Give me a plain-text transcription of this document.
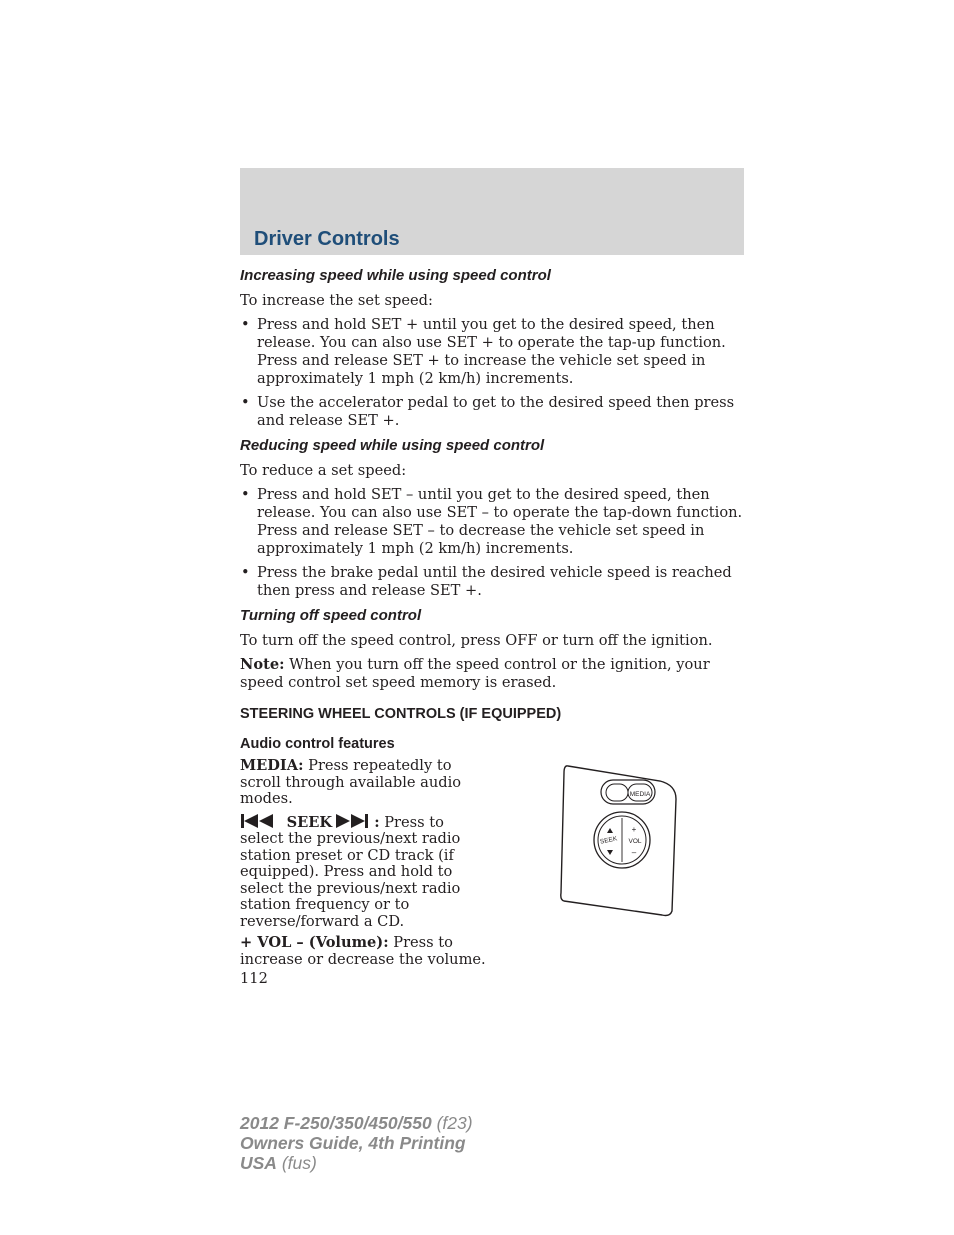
Driver Controls
Increasing speed while using speed control

To increase the set speed:

• Press and hold SET + until you get to the desired speed, then release. You can also use SET + to operate the tap-up function. Press and release SET + to increase the vehicle set speed in approximately 1 mph (2 km/h) increments.
• Use the accelerator pedal to get to the desired speed then press and release SET +.
Reducing speed while using speed control

To reduce a set speed:

• Press and hold SET – until you get to the desired speed, then release. You can also use SET – to operate the tap-down function. Press and release SET – to decrease the vehicle set speed in approximately 1 mph (2 km/h) increments.
• Press the brake pedal until the desired vehicle speed is reached then press and release SET +.
Turning off speed control

To turn off the speed control, press OFF or turn off the ignition.

Note: When you turn off the speed control or the ignition, your speed control set speed memory is erased.

STEERING WHEEL CONTROLS (IF EQUIPPED)
Audio control features

MEDIA: Press repeatedly to scroll through available audio modes.

SEEK	: Press to select the previous/next radio station preset or CD track (if equipped). Press and hold to select the previous/next radio station frequency or to reverse/forward a CD.

+ VOL – (Volume): Press to increase or decrease the volume.

112
MEDIA
SEEK VOL
+
–
2012 F-250/350/450/550 (f23)
Owners Guide, 4th Printing
USA (fus)
